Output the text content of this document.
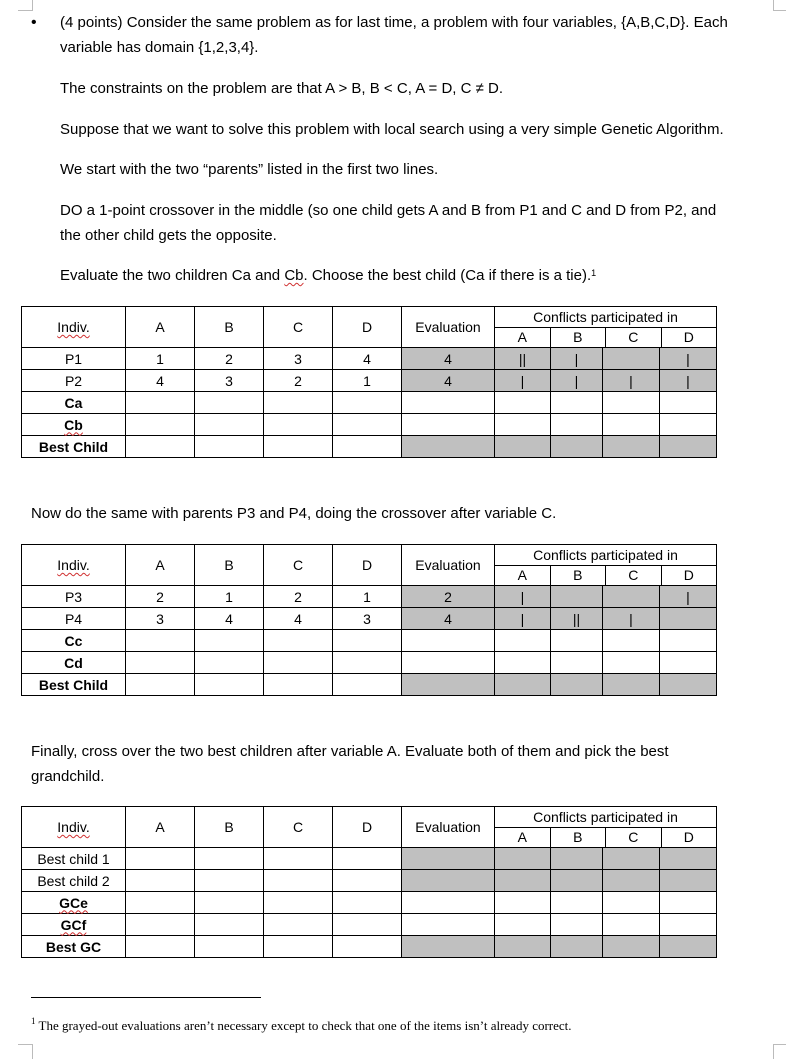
• (4 points) Consider the same problem as for last time, a problem with four variables, {A,B,C,D}. Each
variable has domain {1,2,3,4}.
The constraints on the problem are that A > B, B < C, A = D, C ≠ D.
Suppose that we want to solve this problem with local search using a very simple Genetic Algorithm.
We start with the two “parents” listed in the first two lines.
DO a 1-point crossover in the middle (so one child gets A and B from P1 and C and D from P2, and
the other child gets the opposite.
Evaluate the two children Ca and Cb. Choose the best child (Ca if there is a tie).$^1$
Indiv.	A	B	C	D	Evaluation	Conflicts participated in
A B C D			

P1	1	2	3	4	4	||	|		|
P2	4	3	2	1	4	|	|	|	|
Ca									
Cb									
Best Child									
Now do the same with parents P3 and P4, doing the crossover after variable C.
Indiv.	A	B	C	D	Evaluation	Conflicts participated in
A B C D			

P3	2	1	2	1	2	|			|
P4	3	4	4	3	4	|	||	|	
Cc									
Cd									
Best Child									
Finally, cross over the two best children after variable A. Evaluate both of them and pick the best
grandchild.
Indiv.	A	B	C	D	Evaluation	Conflicts participated in
A B C D			

Best child 1									
Best child 2									
GCe									
GCf									
Best GC									
$^1$ The grayed-out evaluations aren’t necessary except to check that one of the items isn’t already correct.
